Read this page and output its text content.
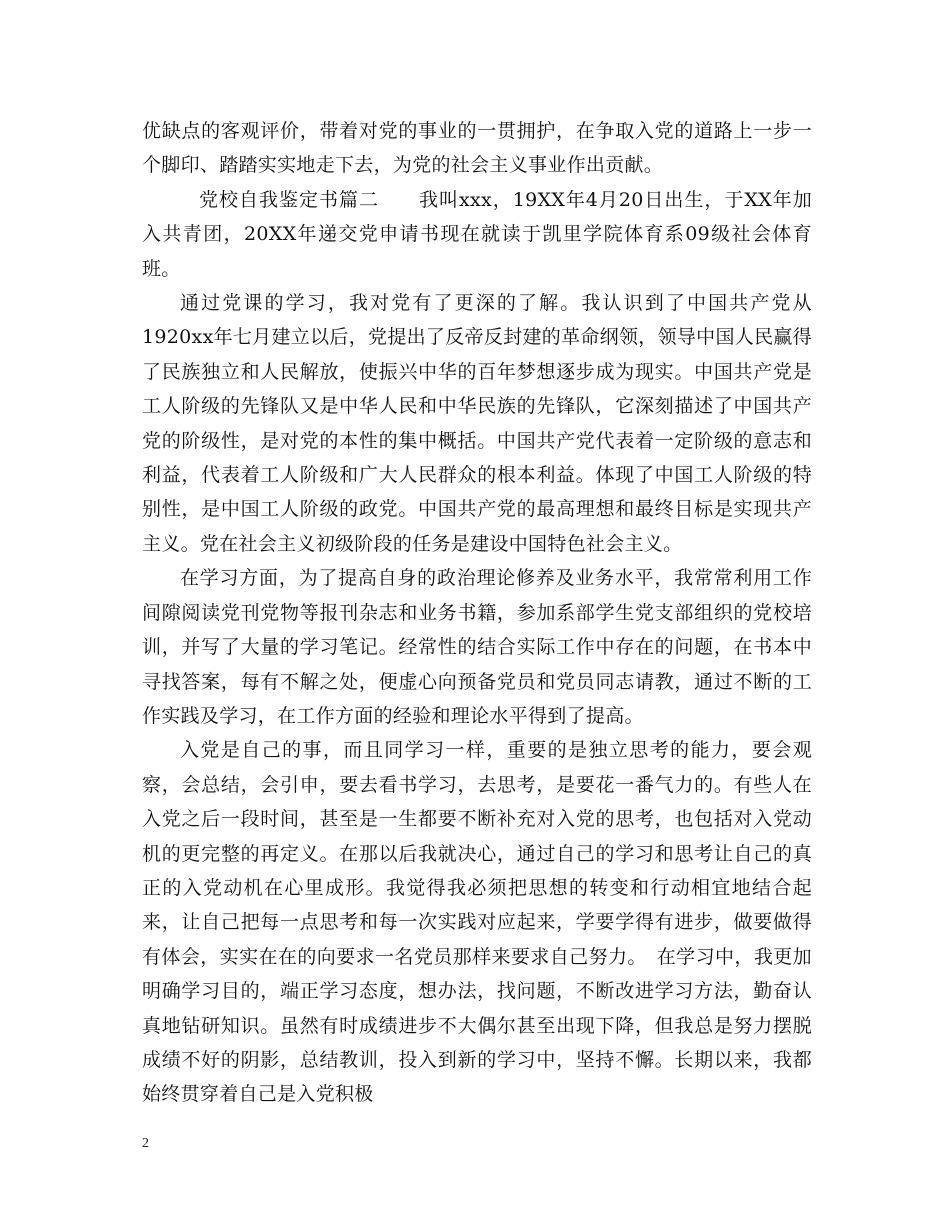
优缺点的客观评价，带着对党的事业的一贯拥护，在争取入党的道路上一步一个脚印、踏踏实实地走下去，为党的社会主义事业作出贡献。

党校自我鉴定书篇二　　我叫xxx，19XX年4月20日出生，于XX年加入共青团，20XX年递交党申请书现在就读于凯里学院体育系09级社会体育班。

通过党课的学习，我对党有了更深的了解。我认识到了中国共产党从1920xx年七月建立以后，党提出了反帝反封建的革命纲领，领导中国人民赢得了民族独立和人民解放，使振兴中华的百年梦想逐步成为现实。中国共产党是工人阶级的先锋队又是中华人民和中华民族的先锋队，它深刻描述了中国共产党的阶级性，是对党的本性的集中概括。中国共产党代表着一定阶级的意志和利益，代表着工人阶级和广大人民群众的根本利益。体现了中国工人阶级的特别性，是中国工人阶级的政党。中国共产党的最高理想和最终目标是实现共产主义。党在社会主义初级阶段的任务是建设中国特色社会主义。

在学习方面，为了提高自身的政治理论修养及业务水平，我常常利用工作间隙阅读党刊党物等报刊杂志和业务书籍，参加系部学生党支部组织的党校培训，并写了大量的学习笔记。经常性的结合实际工作中存在的问题，在书本中寻找答案，每有不解之处，便虚心向预备党员和党员同志请教，通过不断的工作实践及学习，在工作方面的经验和理论水平得到了提高。

入党是自己的事，而且同学习一样，重要的是独立思考的能力，要会观察，会总结，会引申，要去看书学习，去思考，是要花一番气力的。有些人在入党之后一段时间，甚至是一生都要不断补充对入党的思考，也包括对入党动机的更完整的再定义。在那以后我就决心，通过自己的学习和思考让自己的真正的入党动机在心里成形。我觉得我必须把思想的转变和行动相宜地结合起来，让自己把每一点思考和每一次实践对应起来，学要学得有进步，做要做得有体会，实实在在的向要求一名党员那样来要求自己努力。　在学习中，我更加明确学习目的，端正学习态度，想办法，找问题，不断改进学习方法，勤奋认真地钻研知识。虽然有时成绩进步不大偶尔甚至出现下降，但我总是努力摆脱成绩不好的阴影，总结教训，投入到新的学习中，坚持不懈。长期以来，我都始终贯穿着自己是入党积极

2
